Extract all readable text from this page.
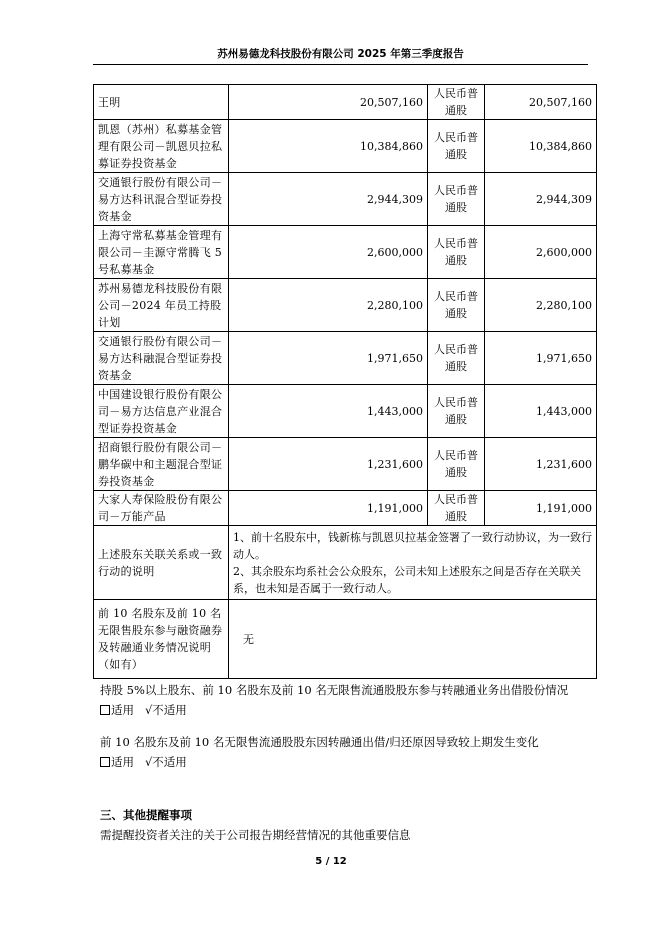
苏州易德龙科技股份有限公司 2025 年第三季度报告
王明	20,507,160	人民币普通股	20,507,160
凯恩（苏州）私募基金管理有限公司－凯恩贝拉私募证券投资基金	10,384,860	人民币普通股	10,384,860
交通银行股份有限公司－易方达科讯混合型证券投资基金	2,944,309	人民币普通股	2,944,309
上海守常私募基金管理有限公司－圭源守常腾飞 5 号私募基金	2,600,000	人民币普通股	2,600,000
苏州易德龙科技股份有限公司－2024 年员工持股计划	2,280,100	人民币普通股	2,280,100
交通银行股份有限公司－易方达科融混合型证券投资基金	1,971,650	人民币普通股	1,971,650
中国建设银行股份有限公司－易方达信息产业混合型证券投资基金	1,443,000	人民币普通股	1,443,000
招商银行股份有限公司－鹏华碳中和主题混合型证券投资基金	1,231,600	人民币普通股	1,231,600
大家人寿保险股份有限公司－万能产品	1,191,000	人民币普通股	1,191,000
上述股东关联关系或一致行动的说明	1、前十名股东中，钱新栋与凯恩贝拉基金签署了一致行动协议，为一致行动人。
2、其余股东均系社会公众股东，公司未知上述股东之间是否存在关联关系，也未知是否属于一致行动人。		

前 10 名股东及前 10 名无限售股东参与融资融券及转融通业务情况说明（如有）	无		
持股 5%以上股东、前 10 名股东及前 10 名无限售流通股股东参与转融通业务出借股份情况
适用 √不适用
前 10 名股东及前 10 名无限售流通股股东因转融通出借/归还原因导致较上期发生变化
适用 √不适用
三、其他提醒事项
需提醒投资者关注的关于公司报告期经营情况的其他重要信息
5 / 12
